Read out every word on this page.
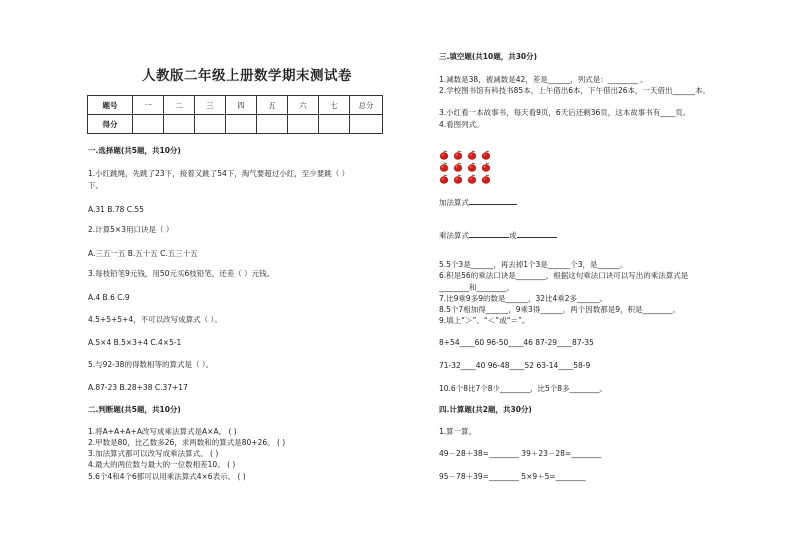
人教版二年级上册数学期末测试卷
题号	一	二	三	四	五	六	七	总分
得分								
一.选择题(共5题，共10分)
1.小红跳绳，先跳了23下，接着又跳了54下，淘气要超过小红，至少要跳（ ）
下。
A.31 B.78 C.55
2.计算5×3用口诀是（ ）
A.三五一五 B.五十五 C.五三十五
3.每枝铅笔9元钱，用50元买6枝铅笔，还差（ ）元钱。
A.4 B.6 C.9
4.5+5+5+4，不可以改写成算式（ ）。
A.5×4 B.5×3+4 C.4×5-1
5.与92-38的得数相等的算式是（ ）。
A.87-23 B.28+38 C.37+17
二.判断题(共5题，共10分)
1.将A+A+A+A改写成乘法算式是A×A。 ( )
2.甲数是80，比乙数多26，求两数和的算式是80+26。 ( )
3.加法算式都可以改写成乘法算式。 ( )
4.最大的两位数与最大的一位数相差10。 ( )
5.6个4和4个6都可以用乘法算式4×6表示。 ( )
三.填空题(共10题，共30分)
1.减数是38，被减数是42，差是______，列式是：________ 。
2.学校图书馆有科技书85本，上午借出6本，下午借出26本，一天借出______本。
3.小红看一本故事书，每天看9页，6天后还剩36页，这本故事书有____页。
4.看图列式。
加法算式
乘法算式	或
5.5个3是______，再去掉1个3是______个3，是______。
6.积是56的乘法口诀是________，根据这句乘法口诀可以写出的乘法算式是
________和________。
7.比9乘9多9的数是______，32比4乘2多______。
8.5个7相加得______，9乘3得______，两个因数都是9，积是________。
9.填上“＞”、“＜”或“＝”。
8+54____60 96-50____46 87-29____87-35
71-32____40 96-48____52 63-14____58-9
10.6个8比7个8少________，比5个8多________。
四.计算题(共2题，共30分)
1.算一算。
49－28＋38=________ 39＋23－28=________
95－78＋39=________ 5×9＋5=________
